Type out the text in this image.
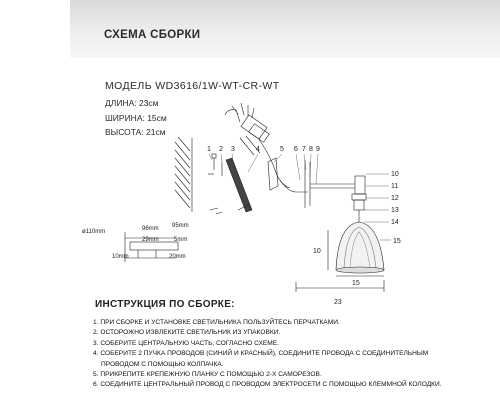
СХЕМА СБОРКИ
МОДЕЛЬ WD3616/1W-WT-CR-WT
ДЛИНА: 23см
ШИРИНА: 15см
ВЫСОТА: 21см
10
15
23
1 2 3	4	5 6 7 8 9
10
11
12
13
14
15
ø110mm	96mm 95mm
29mm	5mm
10mm	20mm
ИНСТРУКЦИЯ ПО СБОРКЕ:
1. ПРИ СБОРКЕ И УСТАНОВКЕ СВЕТИЛЬНИКА ПОЛЬЗУЙТЕСЬ ПЕРЧАТКАМИ.
2. ОСТОРОЖНО ИЗВЛЕКИТЕ СВЕТИЛЬНИК ИЗ УПАКОВКИ.
3. СОБЕРИТЕ ЦЕНТРАЛЬНУЮ ЧАСТЬ, СОГЛАСНО СХЕМЕ.
4. СОБЕРИТЕ 2 ПУЧКА ПРОВОДОВ (СИНИЙ И КРАСНЫЙ), СОЕДИНИТЕ ПРОВОДА С СОЕДИНИТЕЛЬНЫМ
ПРОВОДОМ С ПОМОЩЬЮ КОЛПАЧКА.
5. ПРИКРЕПИТЕ КРЕПЕЖНУЮ ПЛАНКУ С ПОМОЩЬЮ 2-Х САМОРЕЗОВ.
6. СОЕДИНИТЕ ЦЕНТРАЛЬНЫЙ ПРОВОД С ПРОВОДОМ ЭЛЕКТРОСЕТИ С ПОМОЩЬЮ КЛЕММНОЙ КОЛОДКИ.
